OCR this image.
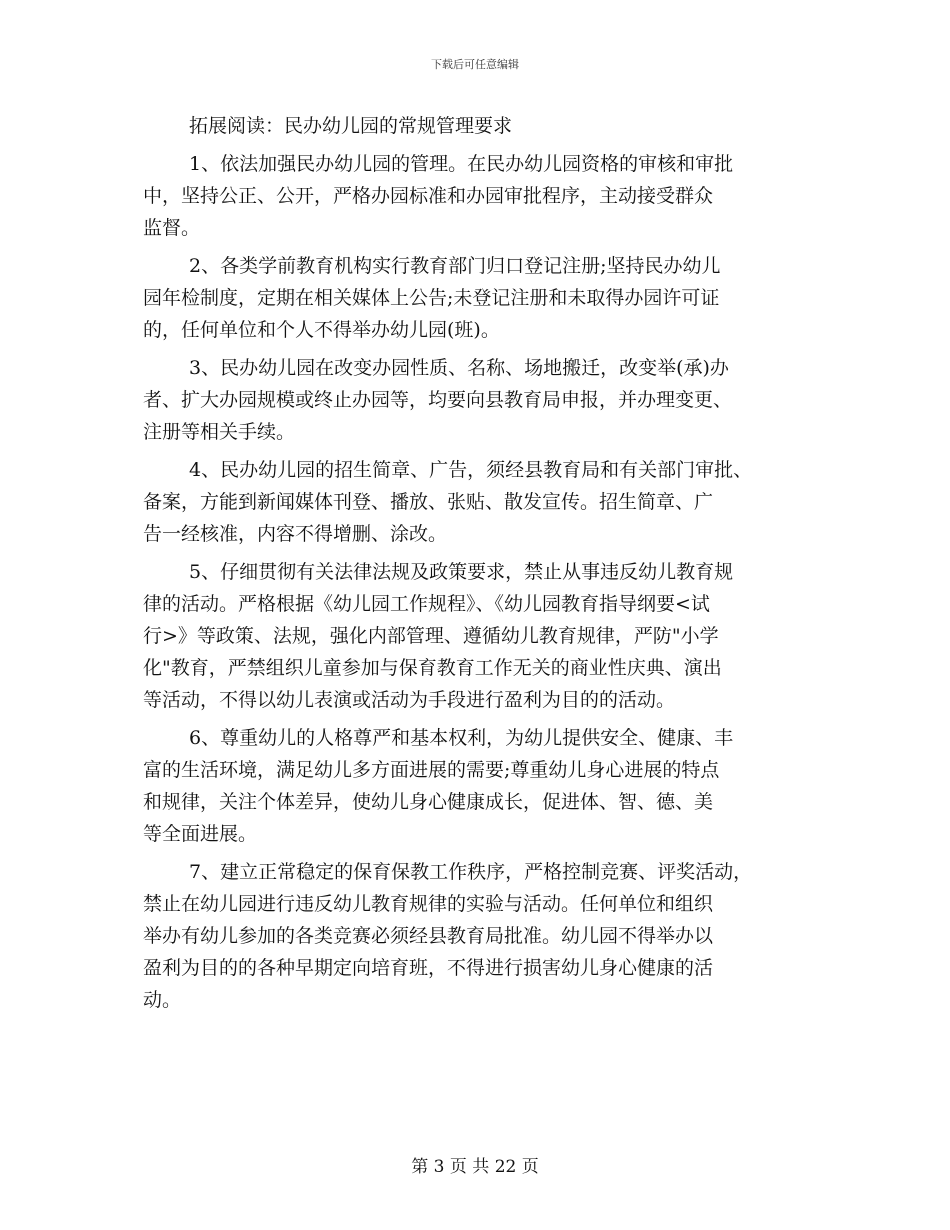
下载后可任意编辑
拓展阅读：民办幼儿园的常规管理要求
1、依法加强民办幼儿园的管理。在民办幼儿园资格的审核和审批
中，坚持公正、公开，严格办园标准和办园审批程序，主动接受群众
监督。
2、各类学前教育机构实行教育部门归口登记注册;坚持民办幼儿
园年检制度，定期在相关媒体上公告;未登记注册和未取得办园许可证
的，任何单位和个人不得举办幼儿园(班)。
3、民办幼儿园在改变办园性质、名称、场地搬迁，改变举(承)办
者、扩大办园规模或终止办园等，均要向县教育局申报，并办理变更、
注册等相关手续。
4、民办幼儿园的招生简章、广告，须经县教育局和有关部门审批、
备案，方能到新闻媒体刊登、播放、张贴、散发宣传。招生简章、广
告一经核准，内容不得增删、涂改。
5、仔细贯彻有关法律法规及政策要求，禁止从事违反幼儿教育规
律的活动。严格根据《幼儿园工作规程》、《幼儿园教育指导纲要<试
行>》等政策、法规，强化内部管理、遵循幼儿教育规律，严防"小学
化"教育，严禁组织儿童参加与保育教育工作无关的商业性庆典、演出
等活动，不得以幼儿表演或活动为手段进行盈利为目的的活动。
6、尊重幼儿的人格尊严和基本权利，为幼儿提供安全、健康、丰
富的生活环境，满足幼儿多方面进展的需要;尊重幼儿身心进展的特点
和规律，关注个体差异，使幼儿身心健康成长，促进体、智、德、美
等全面进展。
7、建立正常稳定的保育保教工作秩序，严格控制竞赛、评奖活动，
禁止在幼儿园进行违反幼儿教育规律的实验与活动。任何单位和组织
举办有幼儿参加的各类竞赛必须经县教育局批准。幼儿园不得举办以
盈利为目的的各种早期定向培育班，不得进行损害幼儿身心健康的活
动。
第 3 页 共 22 页
